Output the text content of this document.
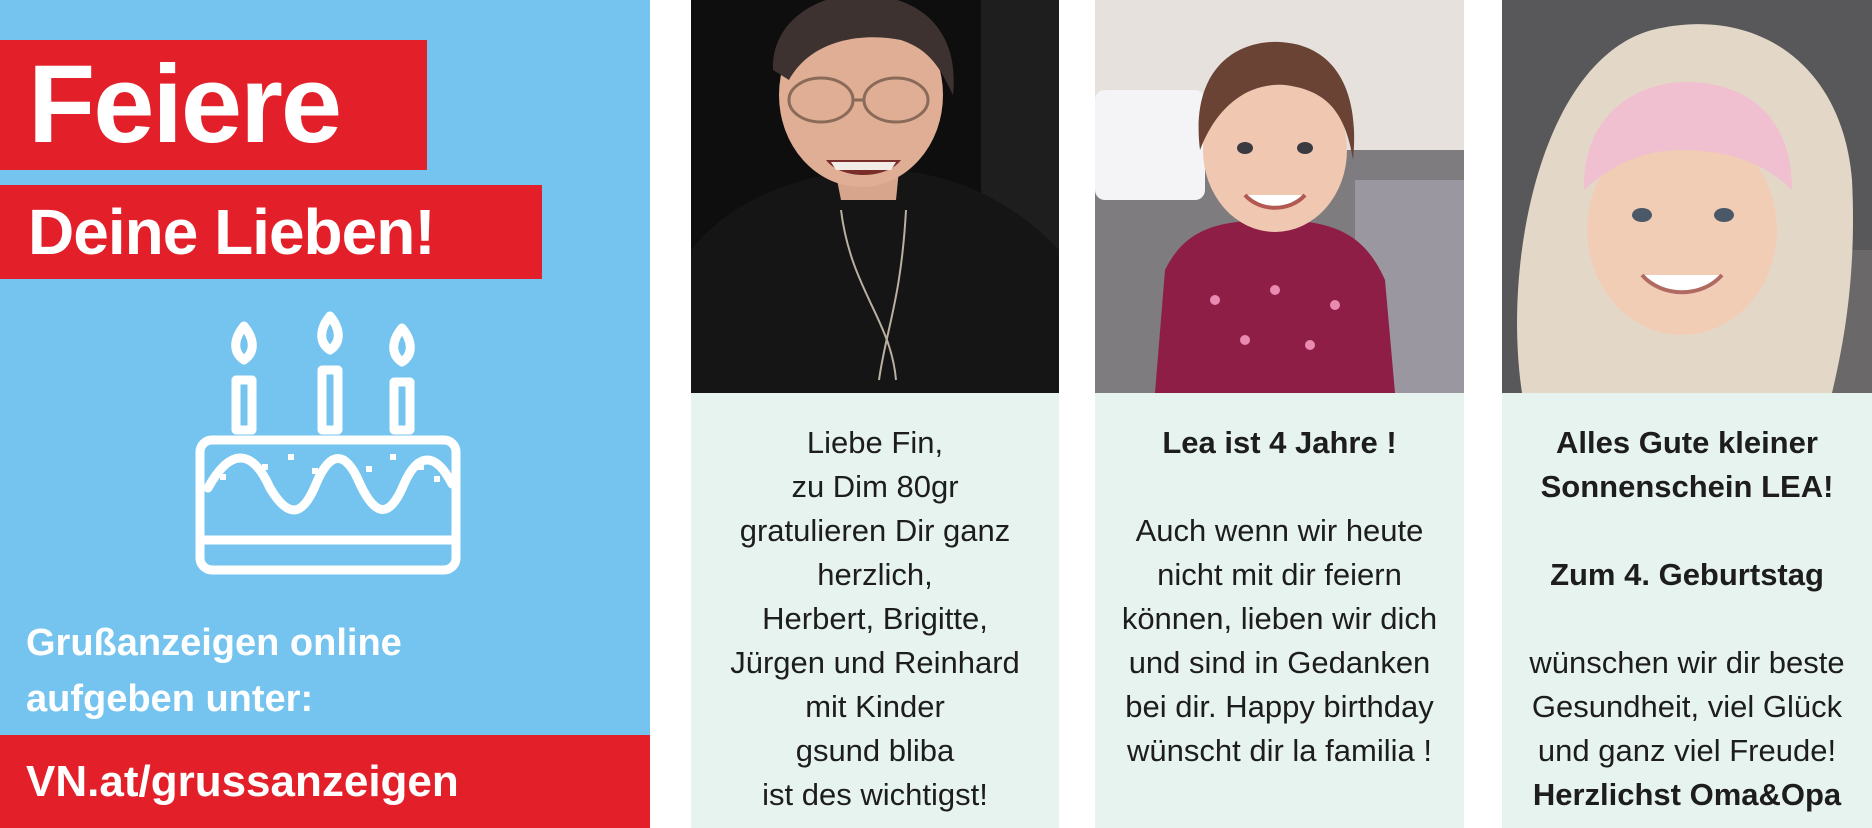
Feiere
Deine Lieben!
Grußanzeigen online
aufgeben unter:
VN.at/grussanzeigen
Liebe Fin,
zu Dim 80gr
gratulieren Dir ganz
herzlich,
Herbert, Brigitte,
Jürgen und Reinhard
mit Kinder
gsund bliba
ist des wichtigst!
Lea ist 4 Jahre !
Auch wenn wir heute
nicht mit dir feiern
können, lieben wir dich
und sind in Gedanken
bei dir. Happy birthday
wünscht dir la familia !
Alles Gute kleiner
Sonnenschein LEA!
Zum 4. Geburtstag
wünschen wir dir beste
Gesundheit, viel Glück
und ganz viel Freude!
Herzlichst Oma&Opa
